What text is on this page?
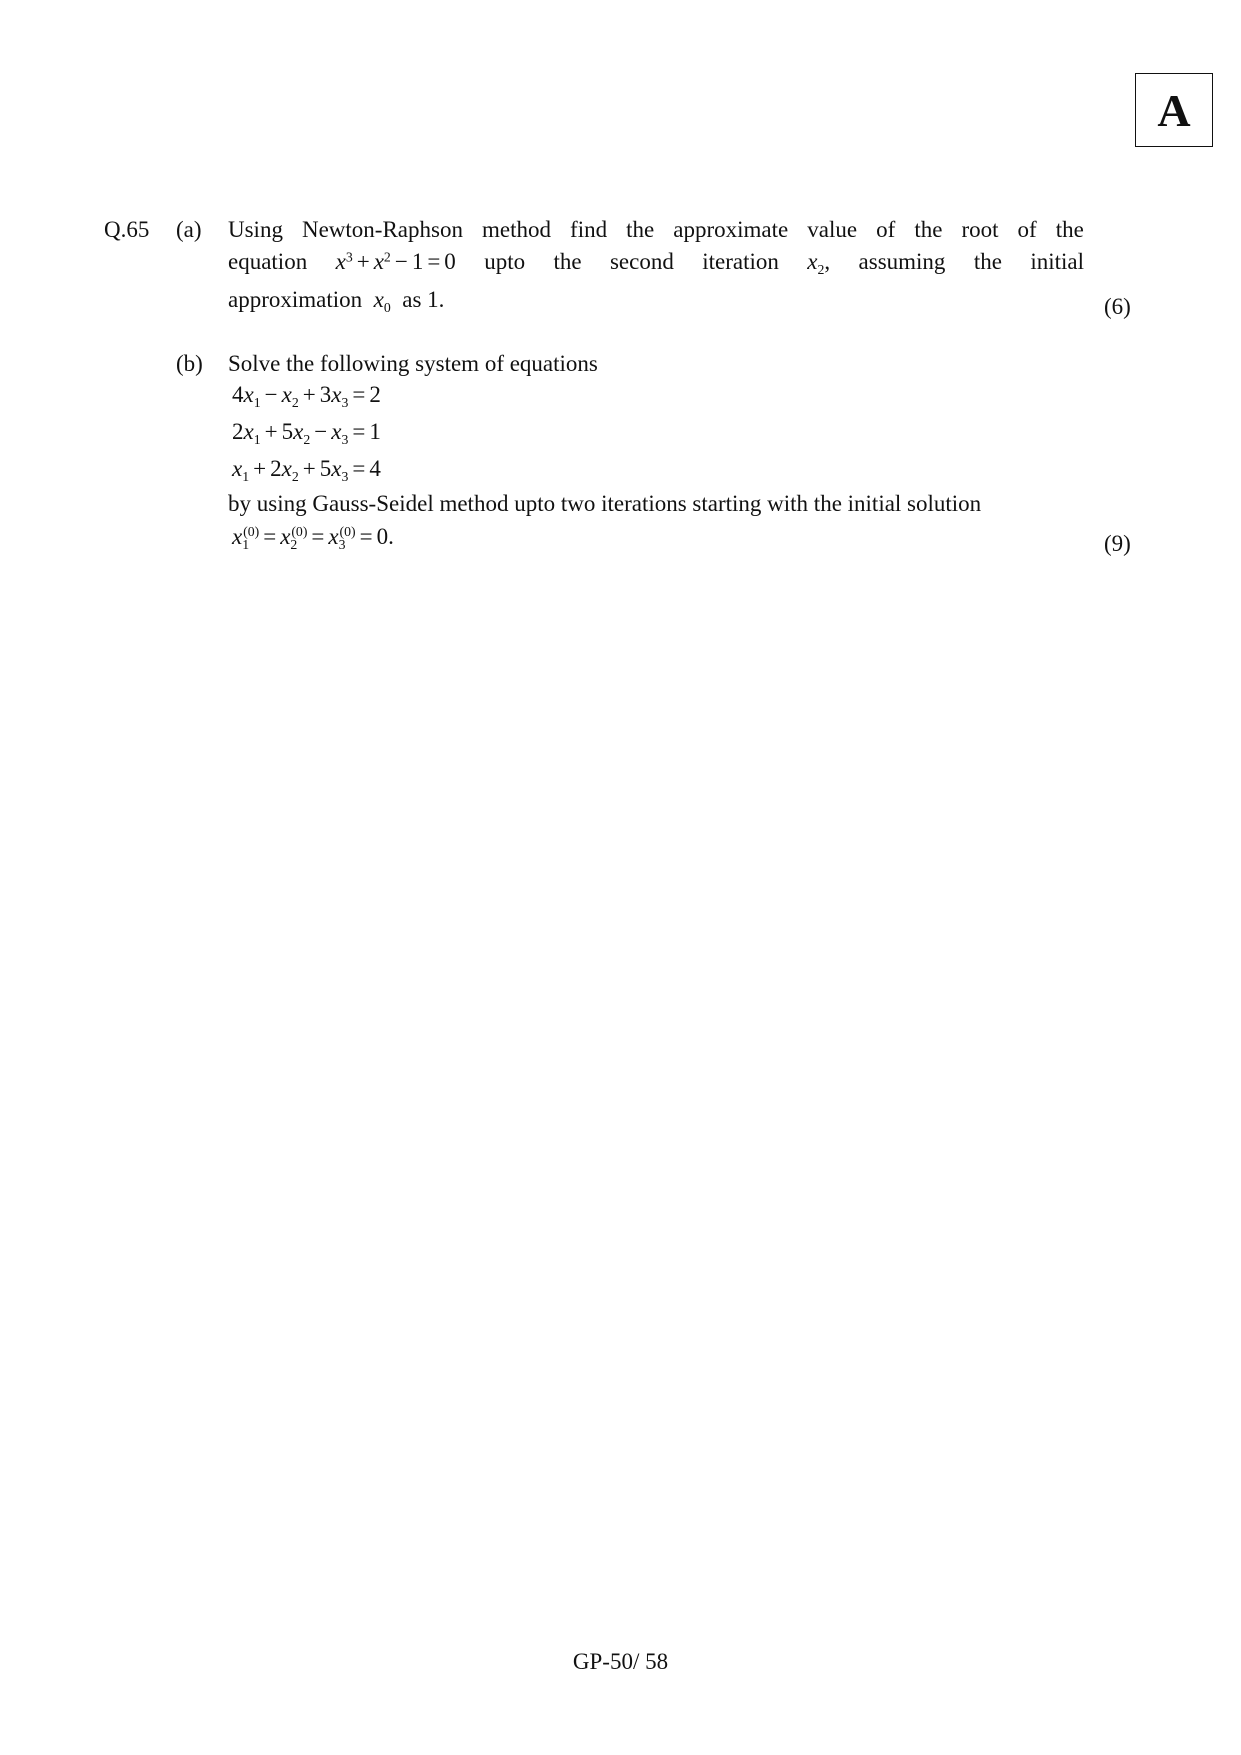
A
Q.65 (a) Using Newton-Raphson method find the approximate value of the root of the
equation $x^3 + x^2 - 1 = 0$ upto the second iteration $x_2$, assuming the initial
approximation $x_0$ as 1.	(6)
(b) Solve the following system of equations
$4x_1 - x_2 + 3x_3 = 2$
$2x_1 + 5x_2 - x_3 = 1$
$x_1 + 2x_2 + 5x_3 = 4$
by using Gauss-Seidel method upto two iterations starting with the initial solution
$x_1^{(0)} = x_2^{(0)} = x_3^{(0)} = 0$.	(9)
GP-50/ 58
